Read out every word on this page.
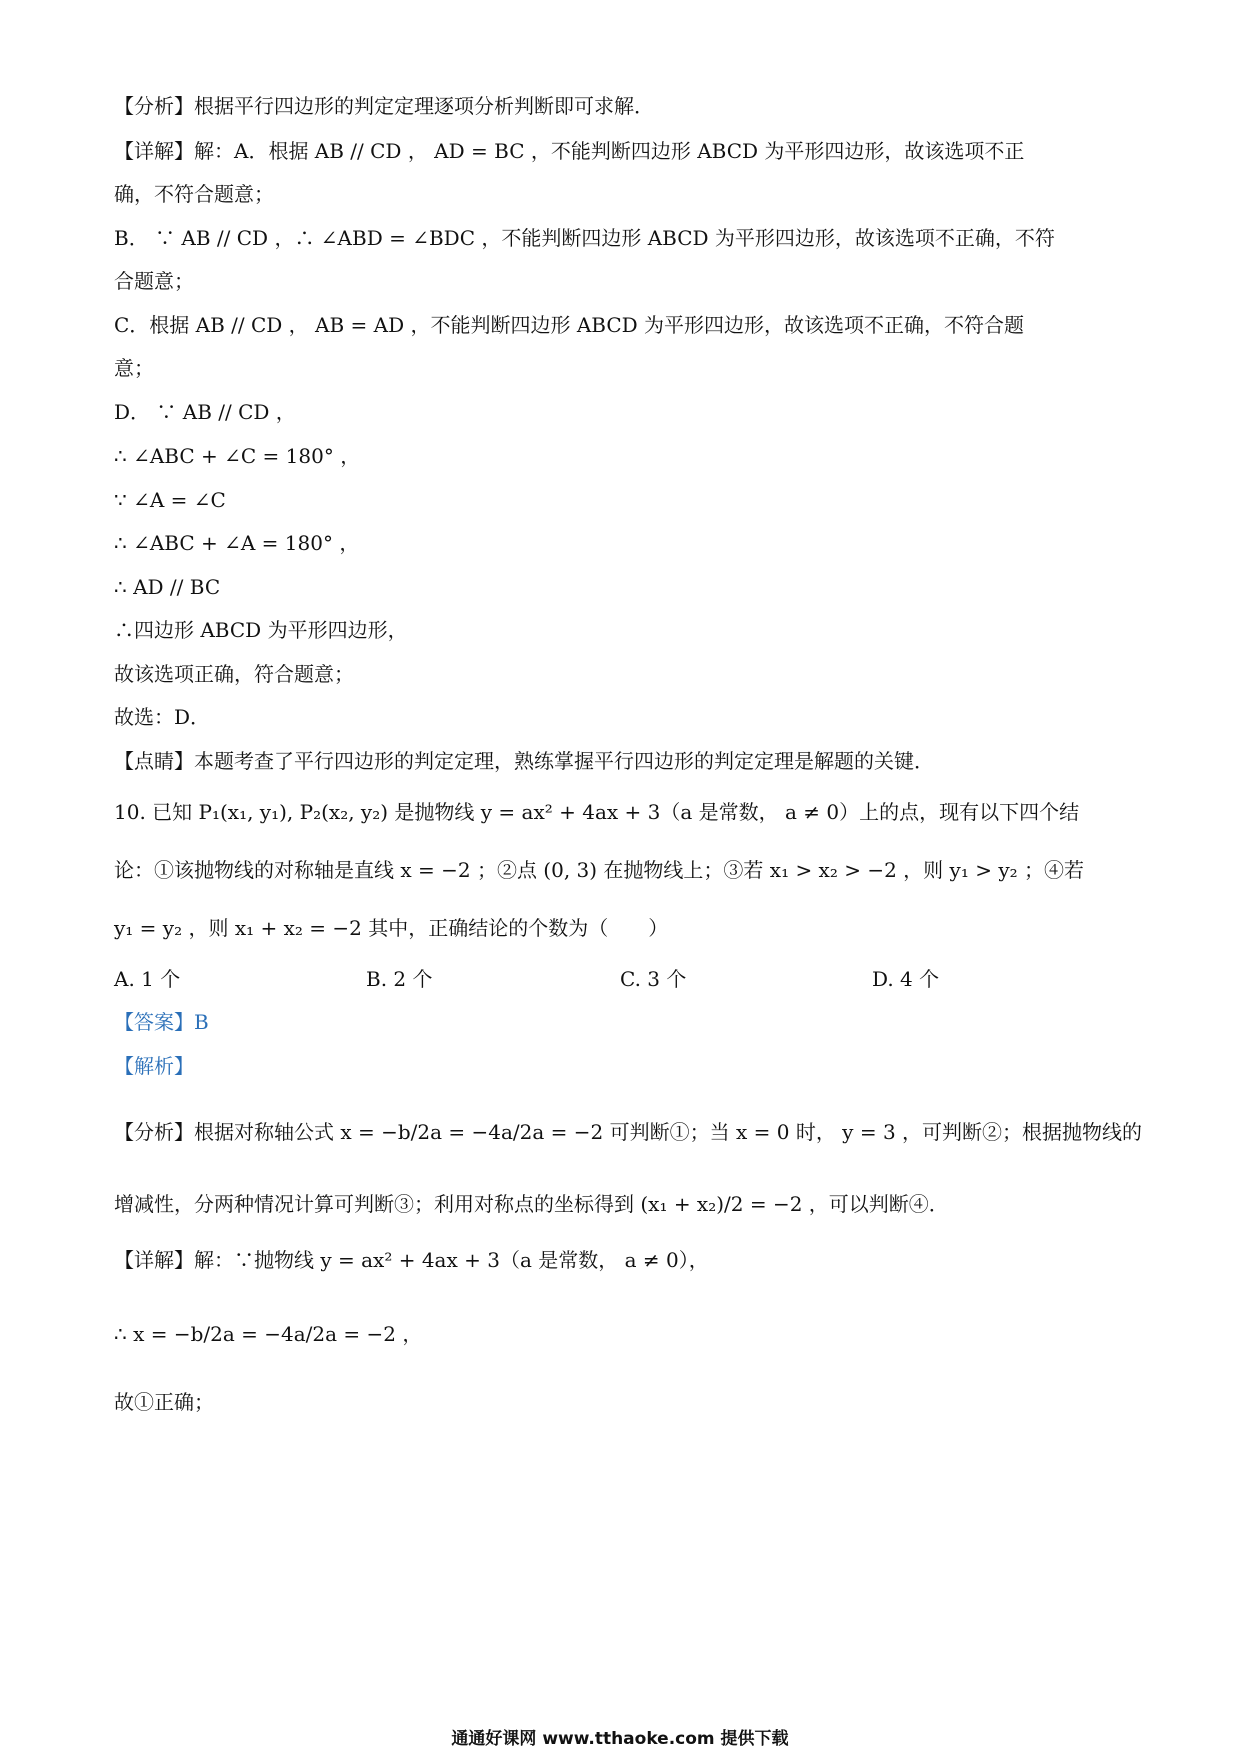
【分析】根据平行四边形的判定定理逐项分析判断即可求解．
【详解】解：A．根据 AB // CD ， AD = BC ，不能判断四边形 ABCD 为平形四边形，故该选项不正
确，不符合题意；
B． ∵ AB // CD ，∴ ∠ABD = ∠BDC ，不能判断四边形 ABCD 为平形四边形，故该选项不正确，不符
合题意；
C．根据 AB // CD ， AB = AD ，不能判断四边形 ABCD 为平形四边形，故该选项不正确，不符合题
意；
D． ∵ AB // CD ，
∴ ∠ABC + ∠C = 180° ，
∵ ∠A = ∠C
∴ ∠ABC + ∠A = 180° ，
∴ AD // BC
∴四边形 ABCD 为平形四边形，
故该选项正确，符合题意；
故选：D．
【点睛】本题考查了平行四边形的判定定理，熟练掌握平行四边形的判定定理是解题的关键．
10. 已知 P₁(x₁, y₁), P₂(x₂, y₂) 是抛物线 y = ax² + 4ax + 3（a 是常数， a ≠ 0）上的点，现有以下四个结
论：①该抛物线的对称轴是直线 x = −2 ；②点 (0, 3) 在抛物线上；③若 x₁ > x₂ > −2 ，则 y₁ > y₂ ；④若
y₁ = y₂ ，则 x₁ + x₂ = −2 其中，正确结论的个数为（　　）
A. 1 个	B. 2 个	C. 3 个	D. 4 个
【答案】B
【解析】
【分析】根据对称轴公式 x = −b/2a = −4a/2a = −2 可判断①；当 x = 0 时， y = 3 ，可判断②；根据抛物线的
增减性，分两种情况计算可判断③；利用对称点的坐标得到 (x₁ + x₂)/2 = −2 ，可以判断④．
【详解】解：∵抛物线 y = ax² + 4ax + 3（a 是常数， a ≠ 0），
∴ x = −b/2a = −4a/2a = −2 ，
故①正确；
通通好课网 www.tthaoke.com 提供下载
